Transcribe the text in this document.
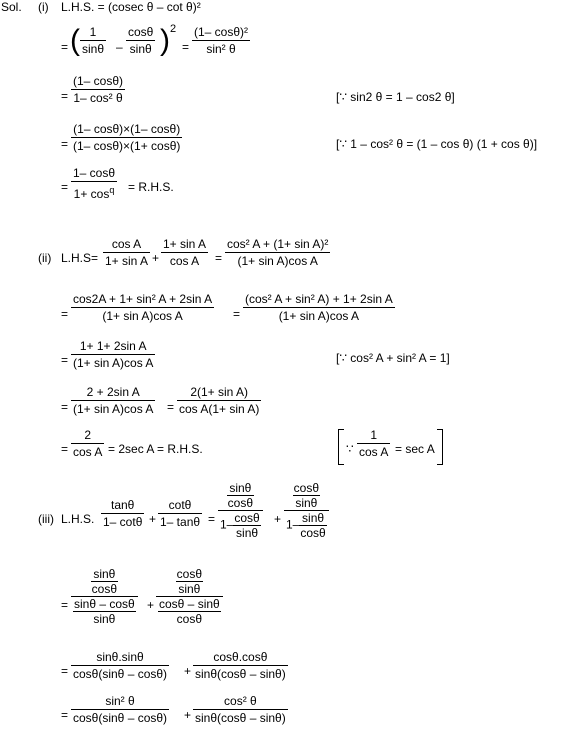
Sol. (i) L.H.S. = (cosec θ – cot θ)²
= ( 1
sinθ –
cosθ
sinθ ) 2
=
(1– cosθ)²
sin² θ
=
(1– cosθ)
1– cos² θ	[∵ sin2 θ = 1 – cos2 θ]
=
(1– cosθ)×(1– cosθ)
(1– cosθ)×(1+ cosθ)	[∵ 1 – cos² θ = (1 – cos θ) (1 + cos θ)]
=
1– cosθ
$1+ \cos^q = R.H.S$.
(ii) L.H.S=
cos A
1+ sin A +
1+ sin A
cos A =
cos² A + (1+ sin A)²
(1+ sin A)cos A
=
cos2A + 1+ sin² A + 2sin A
(1+ sin A)cos A	=
(cos² A + sin² A) + 1+ 2sin A
(1+ sin A)cos A
=
1+ 1+ 2sin A
(1+ sin A)cos A	[∵ cos² A + sin² A = 1]
=
2 + 2sin A
(1+ sin A)cos A =
2(1+ sin A)
cos A(1+ sin A)
=
2
cos A = 2sec A = R.H.S.	∵
1
cos A = sec A
(iii) L.H.S.
tanθ
1– cotθ +
cotθ
1– tanθ =
$\frac{\sin\theta}{\cos\theta}$
$1- \frac{\cos\theta}{\sin\theta}$ +
$\frac{\cos\theta}{\sin\theta}$
$1- \frac{\sin\theta}{\cos\theta}$
=
$\frac{\sin\theta}{\cos\theta}$
$\frac{\sin\theta - \cos\theta}{\sin\theta}$ +
$\frac{\cos\theta}{\sin\theta}$
$\frac{\cos\theta - \sin\theta}{\cos\theta}$
=
sinθ.sinθ
cosθ(sinθ – cosθ) +
cosθ.cosθ
sinθ(cosθ – sinθ)
=
sin² θ
cosθ(sinθ – cosθ) +
cos² θ
sinθ(cosθ – sinθ)
